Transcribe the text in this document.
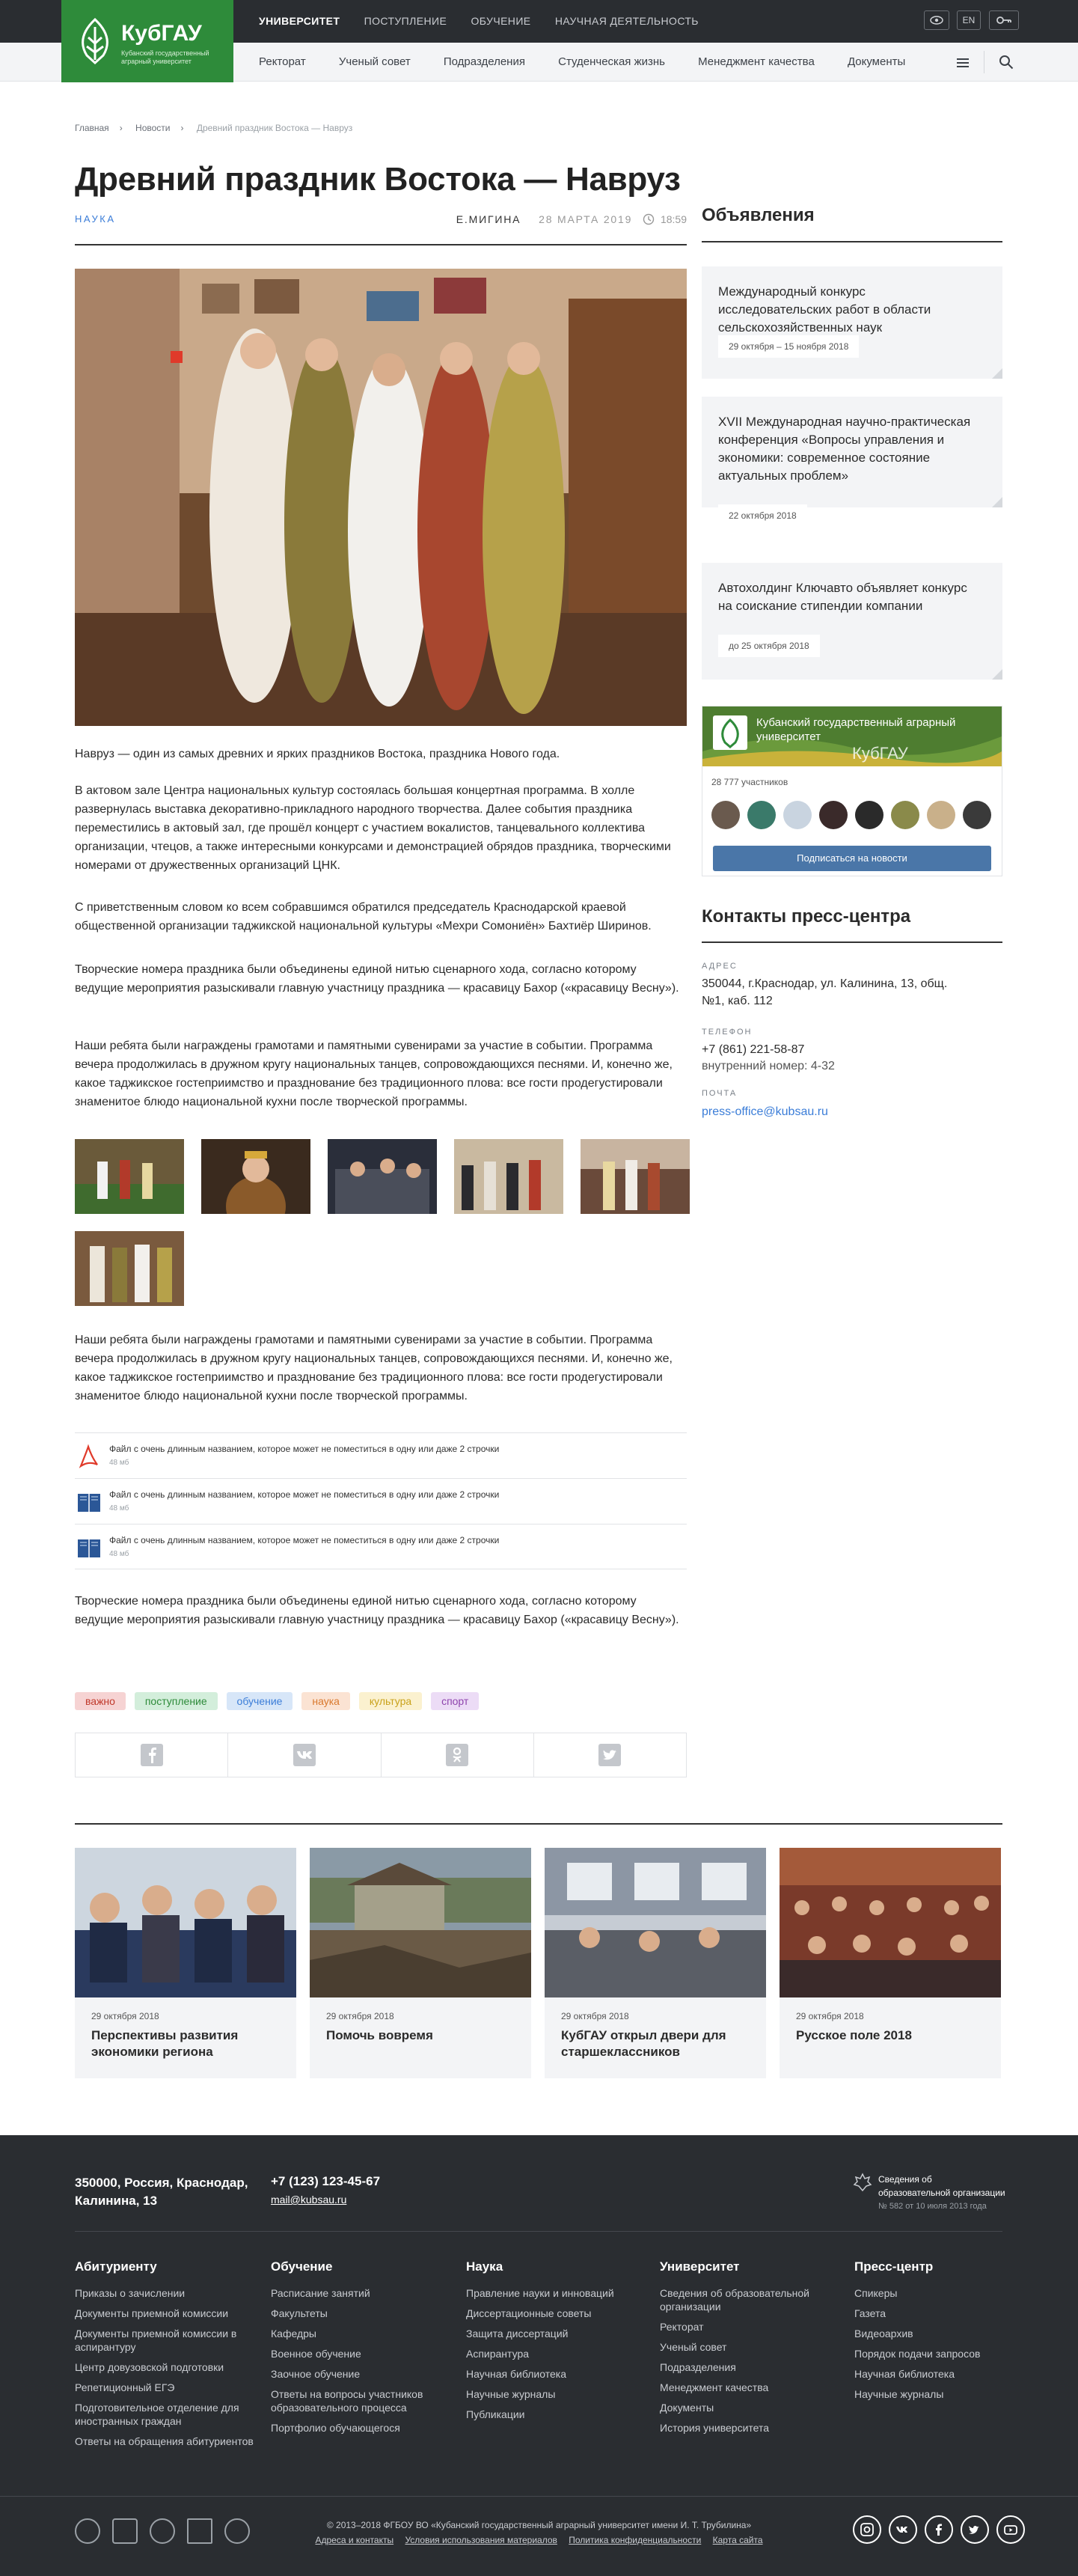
УНИВЕРСИТЕТ ПОСТУПЛЕНИЕ ОБУЧЕНИЕ НАУЧНАЯ ДЕЯТЕЛЬНОСТЬ	EN
Ректорат	Ученый совет	Подразделения	Студенческая жизнь	Менеджмент качества	Документы
КубГАУ
Кубанский государственный аграрный университет
Главная › Новости › Древний праздник Востока — Навруз
Древний праздник Востока — Навруз
НАУКА	Е.МИГИНА 28 МАРТА 2019	18:59
Навруз — один из самых древних и ярких праздников Востока, праздника Нового года.
В актовом зале Центра национальных культур состоялась большая концертная программа. В холле развернулась выставка декоративно-прикладного народного творчества. Далее события праздника переместились в актовый зал, где прошёл концерт с участием вокалистов, танцевального коллектива организации, чтецов, а также интересными конкурсами и демонстрацией обрядов праздника, творческими номерами от дружественных организаций ЦНК.
С приветственным словом ко всем собравшимся обратился председатель Краснодарской краевой общественной организации таджикской национальной культуры «Мехри Сомониён» Бахтиёр Ширинов.
Творческие номера праздника были объединены единой нитью сценарного хода, согласно которому ведущие мероприятия разыскивали главную участницу праздника — красавицу Бахор («красавицу Весну»).
Наши ребята были награждены грамотами и памятными сувенирами за участие в событии. Программа вечера продолжилась в дружном кругу национальных танцев, сопровождающихся песнями. И, конечно же, какое таджикское гостеприимство и празднование без традиционного плова: все гости продегустировали знаменитое блюдо национальной кухни после творческой программы.
Наши ребята были награждены грамотами и памятными сувенирами за участие в событии. Программа вечера продолжилась в дружном кругу национальных танцев, сопровождающихся песнями. И, конечно же, какое таджикское гостеприимство и празднование без традиционного плова: все гости продегустировали знаменитое блюдо национальной кухни после творческой программы.
Файл с очень длинным названием, которое может не поместиться в одну или даже 2 строчки
48 мб
Файл с очень длинным названием, которое может не поместиться в одну или даже 2 строчки
48 мб
Файл с очень длинным названием, которое может не поместиться в одну или даже 2 строчки
48 мб
Творческие номера праздника были объединены единой нитью сценарного хода, согласно которому ведущие мероприятия разыскивали главную участницу праздника — красавицу Бахор («красавицу Весну»).
важно	поступление	обучение	наука	культура	спорт
Объявления
Международный конкурс исследовательских работ в области сельскохозяйственных наук
29 октября – 15 ноября 2018
XVII Международная научно-практическая конференция «Вопросы управления и экономики: современное состояние актуальных проблем»
22 октября 2018
Автохолдинг Ключавто объявляет конкурс на соискание стипендии компании
до 25 октября 2018
Кубанский государственный аграрный университет
КубГАУ
28 777 участников
Подписаться на новости
Контакты пресс-центра
АДРЕС
350044, г.Краснодар, ул. Калинина, 13, общ. №1, каб. 112
ТЕЛЕФОН
+7 (861) 221-58-87
внутренний номер: 4-32
ПОЧТА
press-office@kubsau.ru
29 октября 2018
Перспективы развития экономики региона
29 октября 2018
Помочь вовремя
29 октября 2018
КубГАУ открыл двери для старшеклассников
29 октября 2018
Русское поле 2018
350000, Россия, Краснодар, Калинина, 13
+7 (123) 123-45-67
mail@kubsau.ru
Сведения об образовательной организации
№ 582 от 10 июля 2013 года
Абитуриенту
Приказы о зачислении
Документы приемной комиссии
Документы приемной комиссии в аспирантуру
Центр довузовской подготовки
Репетиционный ЕГЭ
Подготовительное отделение для иностранных граждан
Ответы на обращения абитуриентов
Обучение
Расписание занятий
Факультеты
Кафедры
Военное обучение
Заочное обучение
Ответы на вопросы участников образовательного процесса
Портфолио обучающегося
Наука
Правление науки и инноваций
Диссертационные советы
Защита диссертаций
Аспирантура
Научная библиотека
Научные журналы
Публикации
Университет
Сведения об образовательной организации
Ректорат
Ученый совет
Подразделения
Менеджмент качества
Документы
История университета
Пресс-центр
Спикеры
Газета
Видеоархив
Порядок подачи запросов
Научная библиотека
Научные журналы
© 2013–2018 ФГБОУ ВО «Кубанский государственный аграрный университет имени И. Т. Трубилина»
Адреса и контакты Условия использования материалов Политика конфиденциальности Карта сайта
